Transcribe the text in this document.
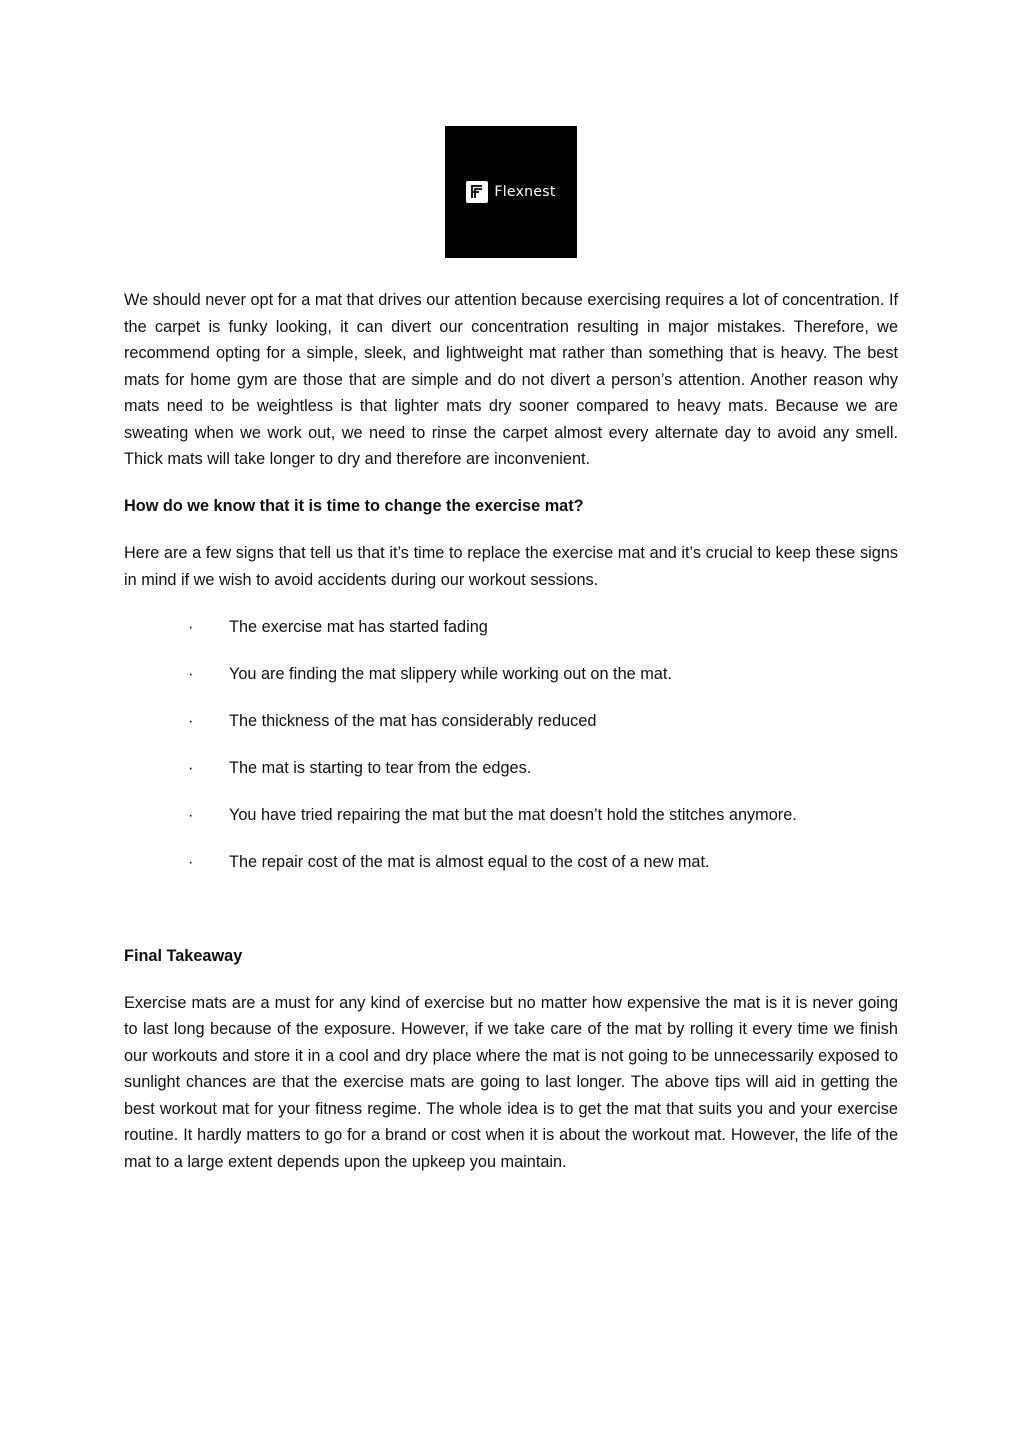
Flexnest

We should never opt for a mat that drives our attention because exercising requires a lot of concentration. If the carpet is funky looking, it can divert our concentration resulting in major mistakes. Therefore, we recommend opting for a simple, sleek, and lightweight mat rather than something that is heavy. The best mats for home gym are those that are simple and do not divert a person’s attention. Another reason why mats need to be weightless is that lighter mats dry sooner compared to heavy mats. Because we are sweating when we work out, we need to rinse the carpet almost every alternate day to avoid any smell. Thick mats will take longer to dry and therefore are inconvenient.

How do we know that it is time to change the exercise mat?

Here are a few signs that tell us that it’s time to replace the exercise mat and it’s crucial to keep these signs in mind if we wish to avoid accidents during our workout sessions.

· The exercise mat has started fading
· You are finding the mat slippery while working out on the mat.
· The thickness of the mat has considerably reduced
· The mat is starting to tear from the edges.
· You have tried repairing the mat but the mat doesn’t hold the stitches anymore.
· The repair cost of the mat is almost equal to the cost of a new mat.

Final Takeaway

Exercise mats are a must for any kind of exercise but no matter how expensive the mat is it is never going to last long because of the exposure. However, if we take care of the mat by rolling it every time we finish our workouts and store it in a cool and dry place where the mat is not going to be unnecessarily exposed to sunlight chances are that the exercise mats are going to last longer. The above tips will aid in getting the best workout mat for your fitness regime. The whole idea is to get the mat that suits you and your exercise routine. It hardly matters to go for a brand or cost when it is about the workout mat. However, the life of the mat to a large extent depends upon the upkeep you maintain.
